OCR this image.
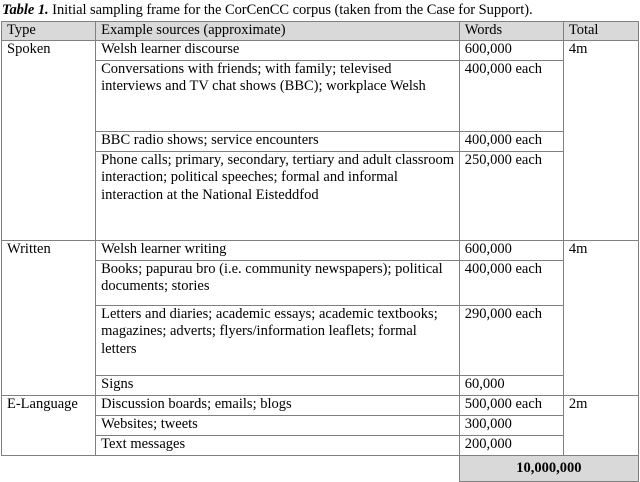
Table 1. Initial sampling frame for the CorCenCC corpus (taken from the Case for Support).
Type	Example sources (approximate)	Words	Total
Spoken	Welsh learner discourse	600,000	4m
	Conversations with friends; with family; televised interviews and TV chat shows (BBC); workplace Welsh	400,000 each	
	BBC radio shows; service encounters	400,000 each	
	Phone calls; primary, secondary, tertiary and adult classroom interaction; political speeches; formal and informal interaction at the National Eisteddfod	250,000 each	
Written	Welsh learner writing	600,000	4m
	Books; papurau bro (i.e. community newspapers); political documents; stories	400,000 each	
	Letters and diaries; academic essays; academic textbooks; magazines; adverts; flyers/information leaflets; formal letters	290,000 each	
	Signs	60,000	
E-Language	Discussion boards; emails; blogs	500,000 each	2m
	Websites; tweets	300,000	
	Text messages	200,000	
		10,000,000	
